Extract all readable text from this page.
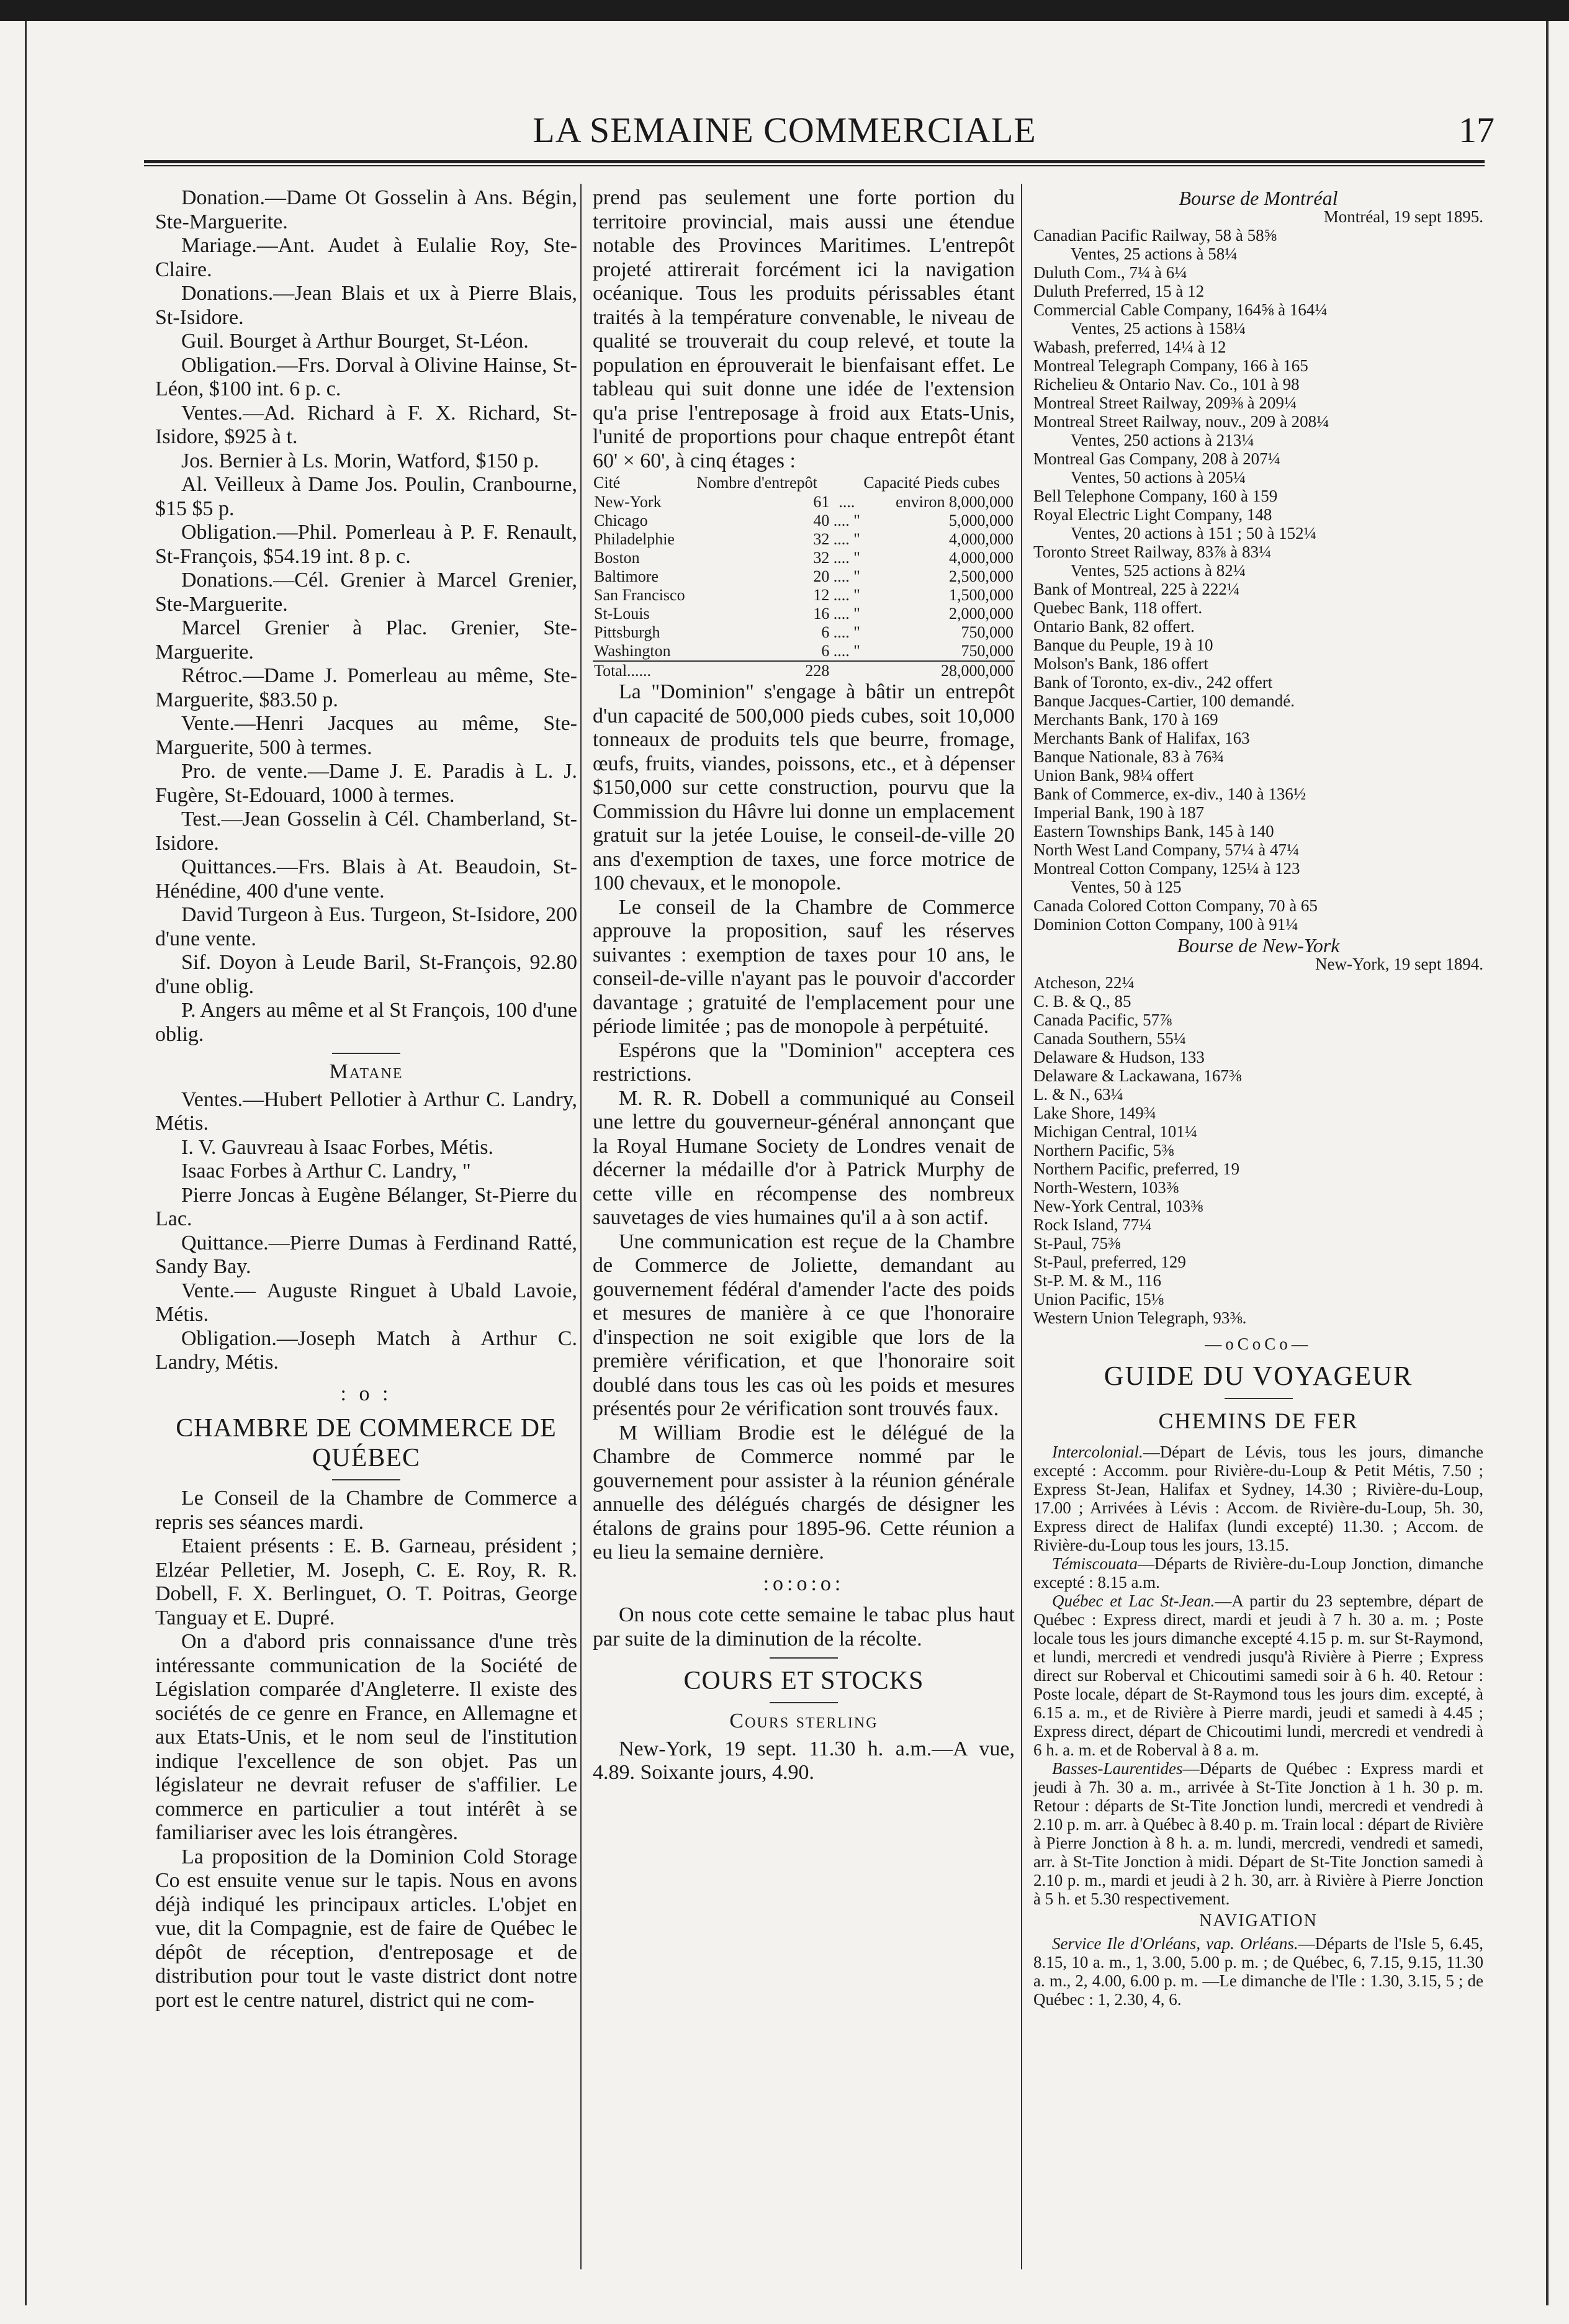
LA SEMAINE COMMERCIALE	17

Donation.—Dame Ot Gosselin à Ans. Bégin, Ste-Marguerite.

Mariage.—Ant. Audet à Eulalie Roy, Ste-Claire.

Donations.—Jean Blais et ux à Pierre Blais, St-Isidore.

Guil. Bourget à Arthur Bourget, St-Léon.

Obligation.—Frs. Dorval à Olivine Hainse, St-Léon, $100 int. 6 p. c.

Ventes.—Ad. Richard à F. X. Richard, St-Isidore, $925 à t.

Jos. Bernier à Ls. Morin, Watford, $150 p.

Al. Veilleux à Dame Jos. Poulin, Cranbourne, $15 $5 p.

Obligation.—Phil. Pomerleau à P. F. Renault, St-François, $54.19 int. 8 p. c.

Donations.—Cél. Grenier à Marcel Grenier, Ste-Marguerite.

Marcel Grenier à Plac. Grenier, Ste-Marguerite.

Rétroc.—Dame J. Pomerleau au même, Ste-Marguerite, $83.50 p.

Vente.—Henri Jacques au même, Ste-Marguerite, 500 à termes.

Pro. de vente.—Dame J. E. Paradis à L. J. Fugère, St-Edouard, 1000 à termes.

Test.—Jean Gosselin à Cél. Chamberland, St-Isidore.

Quittances.—Frs. Blais à At. Beaudoin, St-Hénédine, 400 d'une vente.

David Turgeon à Eus. Turgeon, St-Isidore, 200 d'une vente.

Sif. Doyon à Leude Baril, St-François, 92.80 d'une oblig.

P. Angers au même et al St François, 100 d'une oblig.

Matane

Ventes.—Hubert Pellotier à Arthur C. Landry, Métis.

I. V. Gauvreau à Isaac Forbes, Métis.

Isaac Forbes à Arthur C. Landry, "

Pierre Joncas à Eugène Bélanger, St-Pierre du Lac.

Quittance.—Pierre Dumas à Ferdinand Ratté, Sandy Bay.

Vente.— Auguste Ringuet à Ubald Lavoie, Métis.

Obligation.—Joseph Match à Arthur C. Landry, Métis.

: o :
CHAMBRE DE COMMERCE DE QUÉBEC

Le Conseil de la Chambre de Commerce a repris ses séances mardi.

Etaient présents : E. B. Garneau, président ; Elzéar Pelletier, M. Joseph, C. E. Roy, R. R. Dobell, F. X. Berlinguet, O. T. Poitras, George Tanguay et E. Dupré.

On a d'abord pris connaissance d'une très intéressante communication de la Société de Législation comparée d'Angleterre. Il existe des sociétés de ce genre en France, en Allemagne et aux Etats-Unis, et le nom seul de l'institution indique l'excellence de son objet. Pas un législateur ne devrait refuser de s'affilier. Le commerce en particulier a tout intérêt à se familiariser avec les lois étrangères.

La proposition de la Dominion Cold Storage Co est ensuite venue sur le tapis. Nous en avons déjà indiqué les principaux articles. L'objet en vue, dit la Compagnie, est de faire de Québec le dépôt de réception, d'entreposage et de distribution pour tout le vaste district dont notre port est le centre naturel, district qui ne com-

prend pas seulement une forte portion du territoire provincial, mais aussi une étendue notable des Provinces Maritimes. L'entrepôt projeté attirerait forcément ici la navigation océanique. Tous les produits périssables étant traités à la température convenable, le niveau de qualité se trouverait du coup relevé, et toute la population en éprouverait le bienfaisant effet. Le tableau qui suit donne une idée de l'extension qu'a prise l'entreposage à froid aux Etats-Unis, l'unité de proportions pour chaque entrepôt étant 60' × 60', à cinq étages :

Cité	Nombre d'entrepôt		Capacité Pieds cubes
New-York	61	....	environ 8,000,000
Chicago	40	.... "	5,000,000
Philadelphie	32	.... "	4,000,000
Boston	32	.... "	4,000,000
Baltimore	20	.... "	2,500,000
San Francisco	12	.... "	1,500,000
St-Louis	16	.... "	2,000,000
Pittsburgh	6	.... "	750,000
Washington	6	.... "	750,000
Total......	228		28,000,000

La "Dominion" s'engage à bâtir un entrepôt d'un capacité de 500,000 pieds cubes, soit 10,000 tonneaux de produits tels que beurre, fromage, œufs, fruits, viandes, poissons, etc., et à dépenser $150,000 sur cette construction, pourvu que la Commission du Hâvre lui donne un emplacement gratuit sur la jetée Louise, le conseil-de-ville 20 ans d'exemption de taxes, une force motrice de 100 chevaux, et le monopole.

Le conseil de la Chambre de Commerce approuve la proposition, sauf les réserves suivantes : exemption de taxes pour 10 ans, le conseil-de-ville n'ayant pas le pouvoir d'accorder davantage ; gratuité de l'emplacement pour une période limitée ; pas de monopole à perpétuité.

Espérons que la "Dominion" acceptera ces restrictions.

M. R. R. Dobell a communiqué au Conseil une lettre du gouverneur-général annonçant que la Royal Humane Society de Londres venait de décerner la médaille d'or à Patrick Murphy de cette ville en récompense des nombreux sauvetages de vies humaines qu'il a à son actif.

Une communication est reçue de la Chambre de Commerce de Joliette, demandant au gouvernement fédéral d'amender l'acte des poids et mesures de manière à ce que l'honoraire d'inspection ne soit exigible que lors de la première vérification, et que l'honoraire soit doublé dans tous les cas où les poids et mesures présentés pour 2e vérification sont trouvés faux.

M William Brodie est le délégué de la Chambre de Commerce nommé par le gouvernement pour assister à la réunion générale annuelle des délégués chargés de désigner les étalons de grains pour 1895-96. Cette réunion a eu lieu la semaine dernière.

:o:o:o:

On nous cote cette semaine le tabac plus haut par suite de la diminution de la récolte.

COURS ET STOCKS
Cours sterling

New-York, 19 sept. 11.30 h. a.m.—A vue, 4.89. Soixante jours, 4.90.

Bourse de Montréal
Montréal, 19 sept 1895.
Canadian Pacific Railway, 58 à 58⅝
Ventes, 25 actions à 58¼
Duluth Com., 7¼ à 6¼
Duluth Preferred, 15 à 12
Commercial Cable Company, 164⅝ à 164¼
Ventes, 25 actions à 158¼
Wabash, preferred, 14¼ à 12
Montreal Telegraph Company, 166 à 165
Richelieu & Ontario Nav. Co., 101 à 98
Montreal Street Railway, 209⅜ à 209¼
Montreal Street Railway, nouv., 209 à 208¼
Ventes, 250 actions à 213¼
Montreal Gas Company, 208 à 207¼
Ventes, 50 actions à 205¼
Bell Telephone Company, 160 à 159
Royal Electric Light Company, 148
Ventes, 20 actions à 151 ; 50 à 152¼
Toronto Street Railway, 83⅞ à 83¼
Ventes, 525 actions à 82¼
Bank of Montreal, 225 à 222¼
Quebec Bank, 118 offert.
Ontario Bank, 82 offert.
Banque du Peuple, 19 à 10
Molson's Bank, 186 offert
Bank of Toronto, ex-div., 242 offert
Banque Jacques-Cartier, 100 demandé.
Merchants Bank, 170 à 169
Merchants Bank of Halifax, 163
Banque Nationale, 83 à 76¾
Union Bank, 98¼ offert
Bank of Commerce, ex-div., 140 à 136½
Imperial Bank, 190 à 187
Eastern Townships Bank, 145 à 140
North West Land Company, 57¼ à 47¼
Montreal Cotton Company, 125¼ à 123
Ventes, 50 à 125
Canada Colored Cotton Company, 70 à 65
Dominion Cotton Company, 100 à 91¼
Bourse de New-York
New-York, 19 sept 1894.
Atcheson, 22¼
C. B. & Q., 85
Canada Pacific, 57⅞
Canada Southern, 55¼
Delaware & Hudson, 133
Delaware & Lackawana, 167⅜
L. & N., 63¼
Lake Shore, 149¾
Michigan Central, 101¼
Northern Pacific, 5⅜
Northern Pacific, preferred, 19
North-Western, 103⅜
New-York Central, 103⅜
Rock Island, 77¼
St-Paul, 75⅜
St-Paul, preferred, 129
St-P. M. & M., 116
Union Pacific, 15⅛
Western Union Telegraph, 93⅜.
—oCoCo—
GUIDE DU VOYAGEUR
CHEMINS DE FER

Intercolonial.—Départ de Lévis, tous les jours, dimanche excepté : Accomm. pour Rivière-du-Loup & Petit Métis, 7.50 ; Express St-Jean, Halifax et Sydney, 14.30 ; Rivière-du-Loup, 17.00 ; Arrivées à Lévis : Accom. de Rivière-du-Loup, 5h. 30, Express direct de Halifax (lundi excepté) 11.30. ; Accom. de Rivière-du-Loup tous les jours, 13.15.

Témiscouata—Départs de Rivière-du-Loup Jonction, dimanche excepté : 8.15 a.m.

Québec et Lac St-Jean.—A partir du 23 septembre, départ de Québec : Express direct, mardi et jeudi à 7 h. 30 a. m. ; Poste locale tous les jours dimanche excepté 4.15 p. m. sur St-Raymond, et lundi, mercredi et vendredi jusqu'à Rivière à Pierre ; Express direct sur Roberval et Chicoutimi samedi soir à 6 h. 40. Retour : Poste locale, départ de St-Raymond tous les jours dim. excepté, à 6.15 a. m., et de Rivière à Pierre mardi, jeudi et samedi à 4.45 ; Express direct, départ de Chicoutimi lundi, mercredi et vendredi à 6 h. a. m. et de Roberval à 8 a. m.

Basses-Laurentides—Départs de Québec : Express mardi et jeudi à 7h. 30 a. m., arrivée à St-Tite Jonction à 1 h. 30 p. m. Retour : départs de St-Tite Jonction lundi, mercredi et vendredi à 2.10 p. m. arr. à Québec à 8.40 p. m. Train local : départ de Rivière à Pierre Jonction à 8 h. a. m. lundi, mercredi, vendredi et samedi, arr. à St-Tite Jonction à midi. Départ de St-Tite Jonction samedi à 2.10 p. m., mardi et jeudi à 2 h. 30, arr. à Rivière à Pierre Jonction à 5 h. et 5.30 respectivement.

NAVIGATION

Service Ile d'Orléans, vap. Orléans.—Départs de l'Isle 5, 6.45, 8.15, 10 a. m., 1, 3.00, 5.00 p. m. ; de Québec, 6, 7.15, 9.15, 11.30 a. m., 2, 4.00, 6.00 p. m. —Le dimanche de l'Ile : 1.30, 3.15, 5 ; de Québec : 1, 2.30, 4, 6.
